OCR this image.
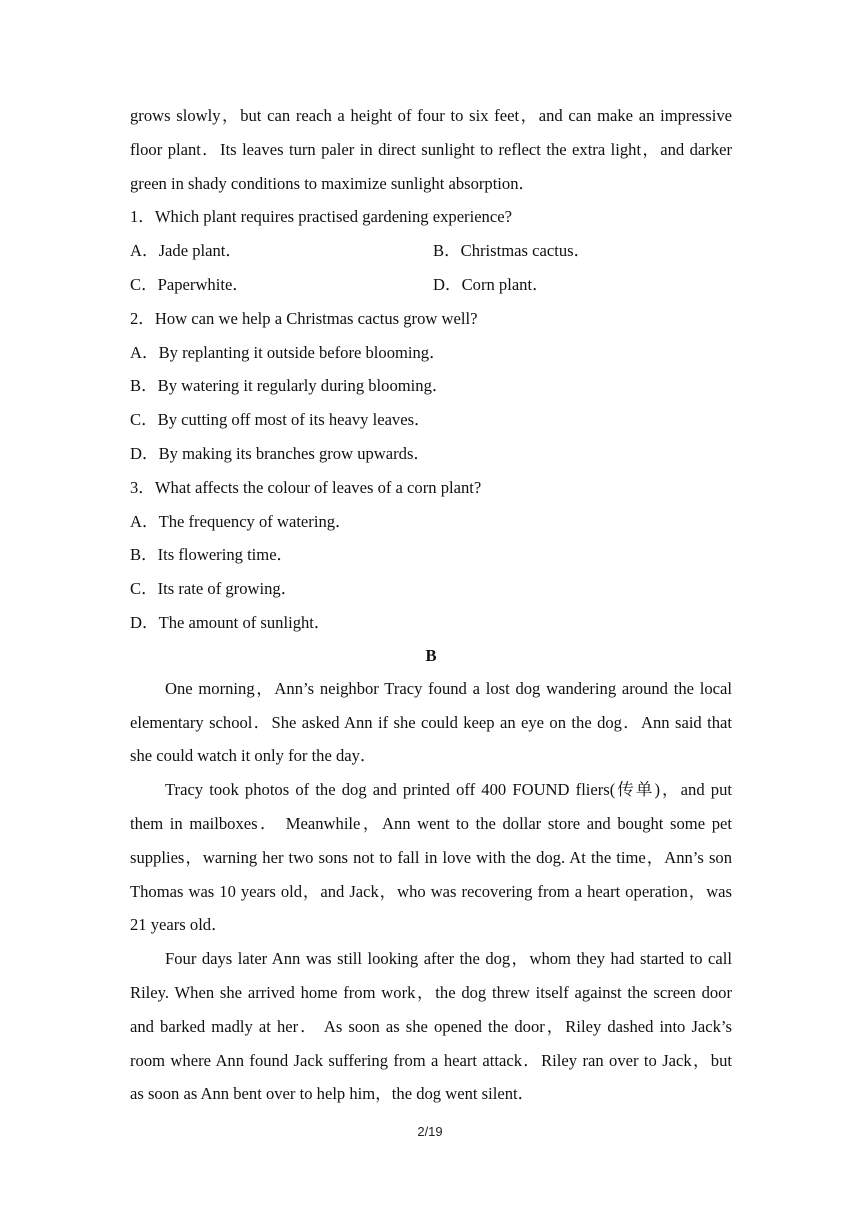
grows slowly，but can reach a height of four to six feet，and can make an impressive
floor plant．Its leaves turn paler in direct sunlight to reflect the extra light，and darker
green in shady conditions to maximize sunlight absorption．
1．Which plant requires practised gardening experience?
A．Jade plant．	B．Christmas cactus．
C．Paperwhite．	D．Corn plant．
2．How can we help a Christmas cactus grow well?
A．By replanting it outside before blooming．
B．By watering it regularly during blooming．
C．By cutting off most of its heavy leaves．
D．By making its branches grow upwards．
3．What affects the colour of leaves of a corn plant?
A．The frequency of watering．
B．Its flowering time．
C．Its rate of growing．
D．The amount of sunlight．
B
One morning，Ann’s neighbor Tracy found a lost dog wandering around the local
elementary school．She asked Ann if she could keep an eye on the dog．Ann said that
she could watch it only for the day．
Tracy took photos of the dog and printed off 400 FOUND fliers(传单)，and put
them in mailboxes． Meanwhile，Ann went to the dollar store and bought some pet
supplies，warning her two sons not to fall in love with the dog. At the time，Ann’s son
Thomas was 10 years old，and Jack，who was recovering from a heart operation，was
21 years old．
Four days later Ann was still looking after the dog，whom they had started to call
Riley. When she arrived home from work，the dog threw itself against the screen door
and barked madly at her． As soon as she opened the door，Riley dashed into Jack’s
room where Ann found Jack suffering from a heart attack．Riley ran over to Jack，but
as soon as Ann bent over to help him，the dog went silent．
2/19
